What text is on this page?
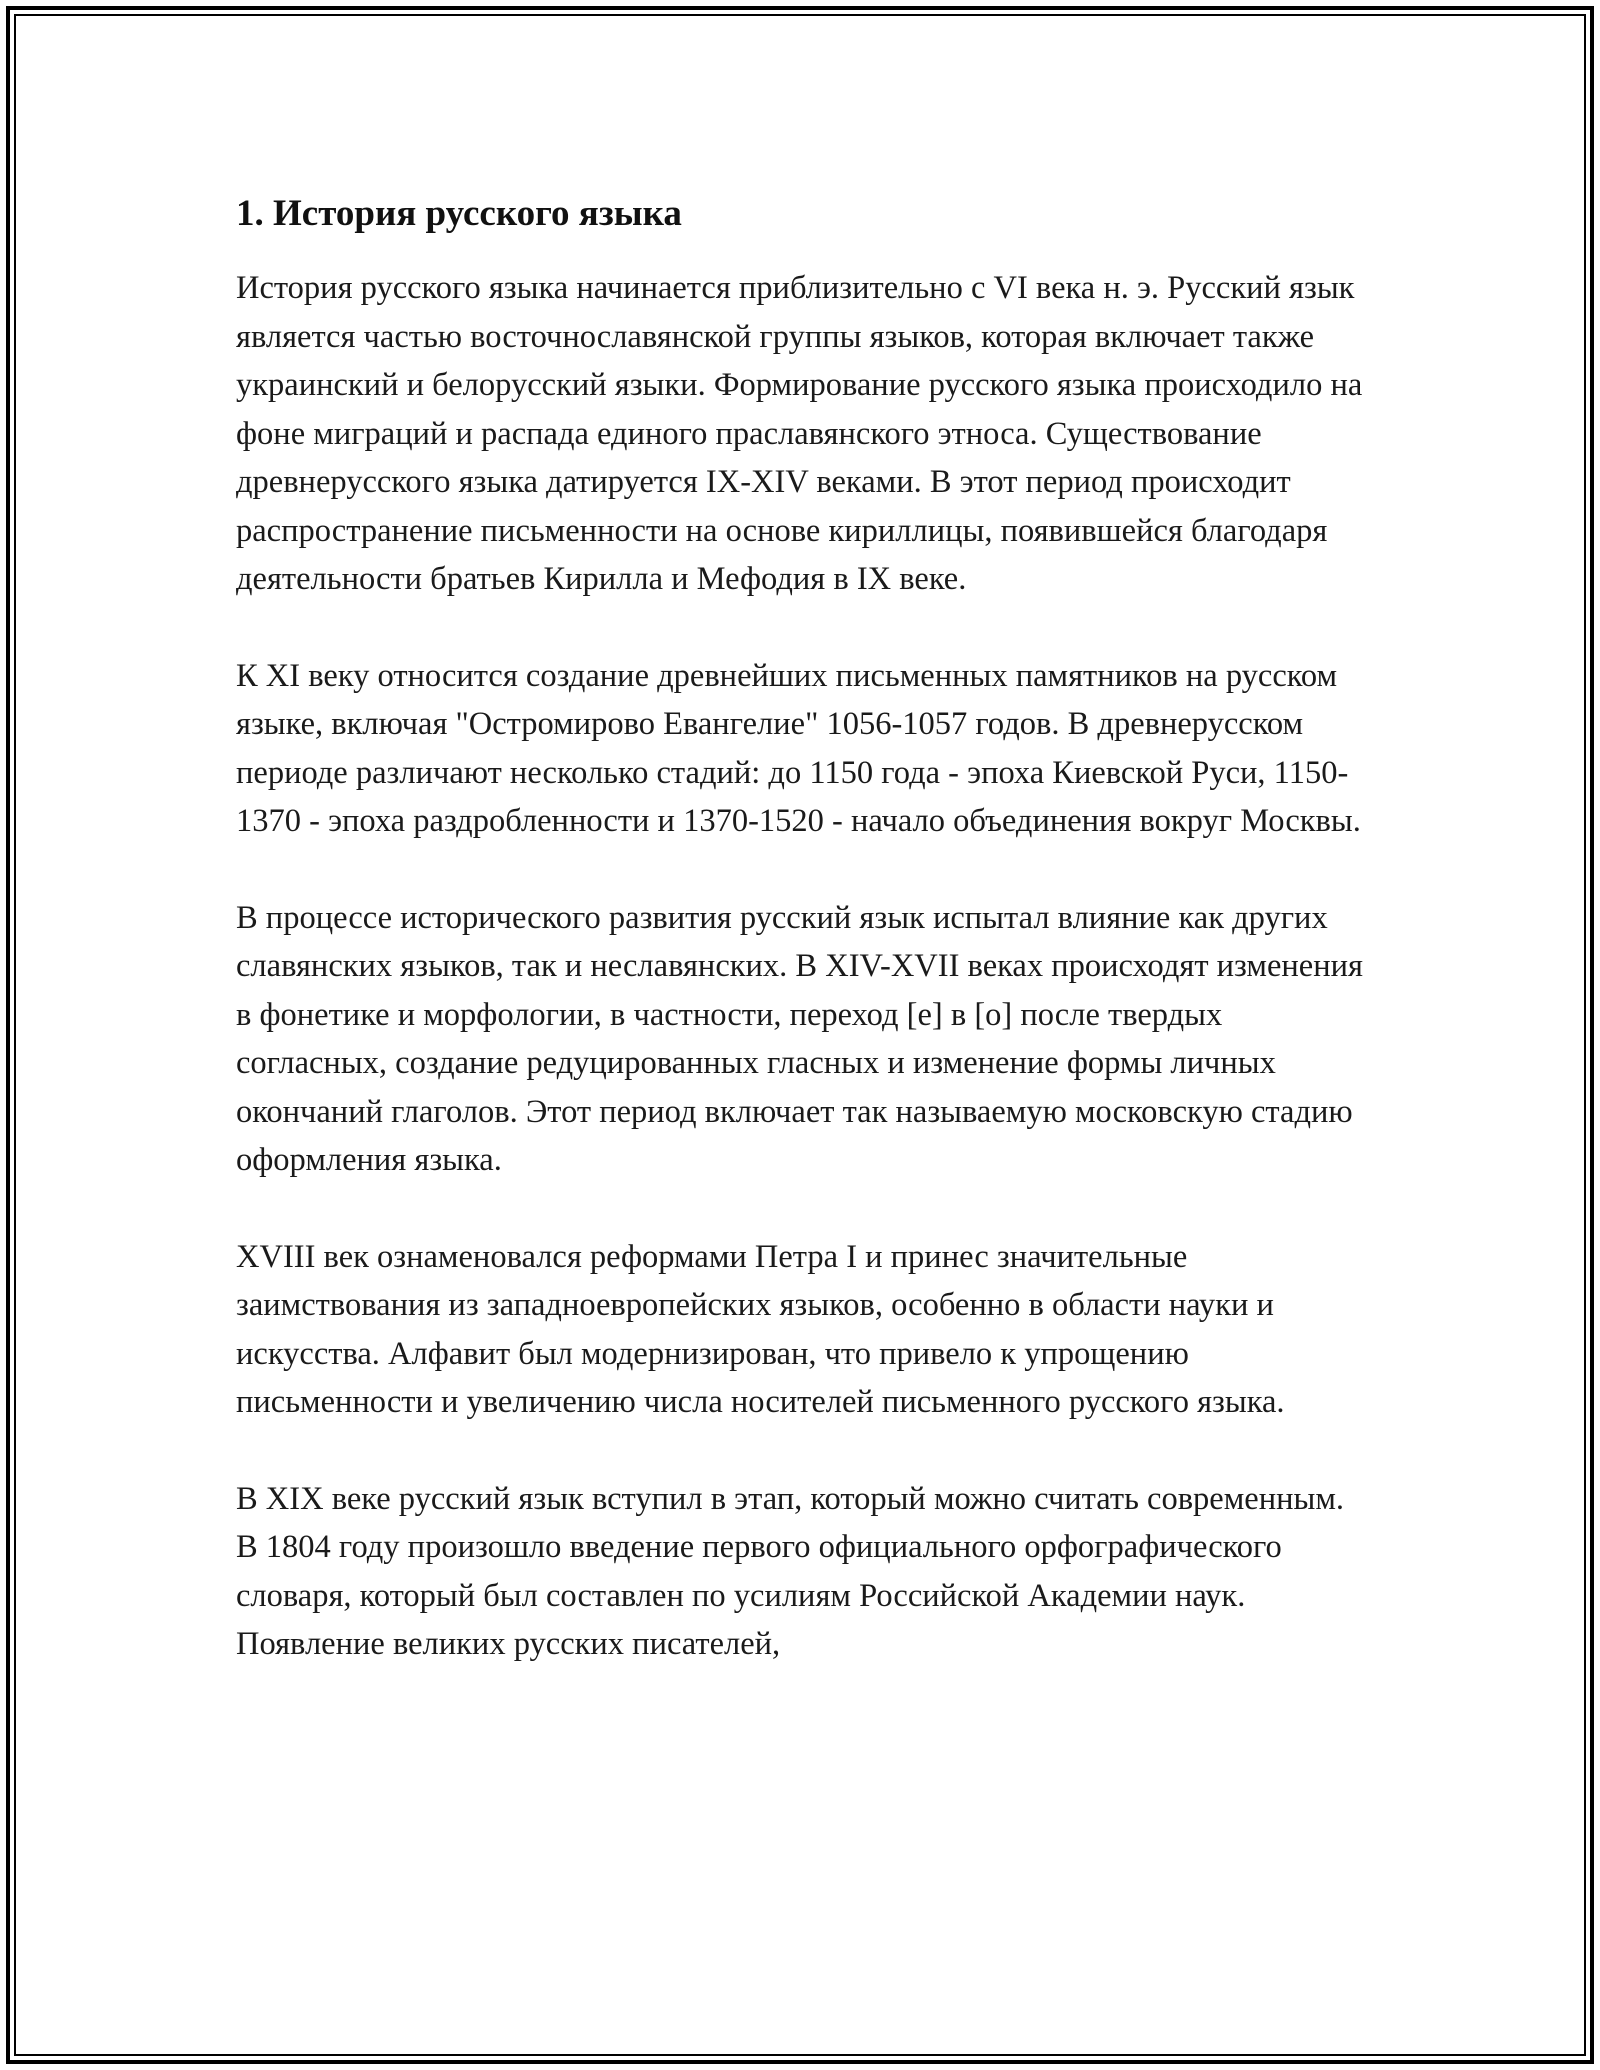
1. История русского языка

История русского языка начинается приблизительно с VI века н. э. Русский язык является частью восточнославянской группы языков, которая включает также украинский и белорусский языки. Формирование русского языка происходило на фоне миграций и распада единого праславянского этноса. Существование древнерусского языка датируется IX-XIV веками. В этот период происходит распространение письменности на основе кириллицы, появившейся благодаря деятельности братьев Кирилла и Мефодия в IX веке.

К XI веку относится создание древнейших письменных памятников на русском языке, включая "Остромирово Евангелие" 1056-1057 годов. В древнерусском периоде различают несколько стадий: до 1150 года - эпоха Киевской Руси, 1150-1370 - эпоха раздробленности и 1370-1520 - начало объединения вокруг Москвы.

В процессе исторического развития русский язык испытал влияние как других славянских языков, так и неславянских. В XIV-XVII веках происходят изменения в фонетике и морфологии, в частности, переход [е] в [о] после твердых согласных, создание редуцированных гласных и изменение формы личных окончаний глаголов. Этот период включает так называемую московскую стадию оформления языка.

XVIII век ознаменовался реформами Петра I и принес значительные заимствования из западноевропейских языков, особенно в области науки и искусства. Алфавит был модернизирован, что привело к упрощению письменности и увеличению числа носителей письменного русского языка.

В XIX веке русский язык вступил в этап, который можно считать современным. В 1804 году произошло введение первого официального орфографического словаря, который был составлен по усилиям Российской Академии наук. Появление великих русских писателей,
